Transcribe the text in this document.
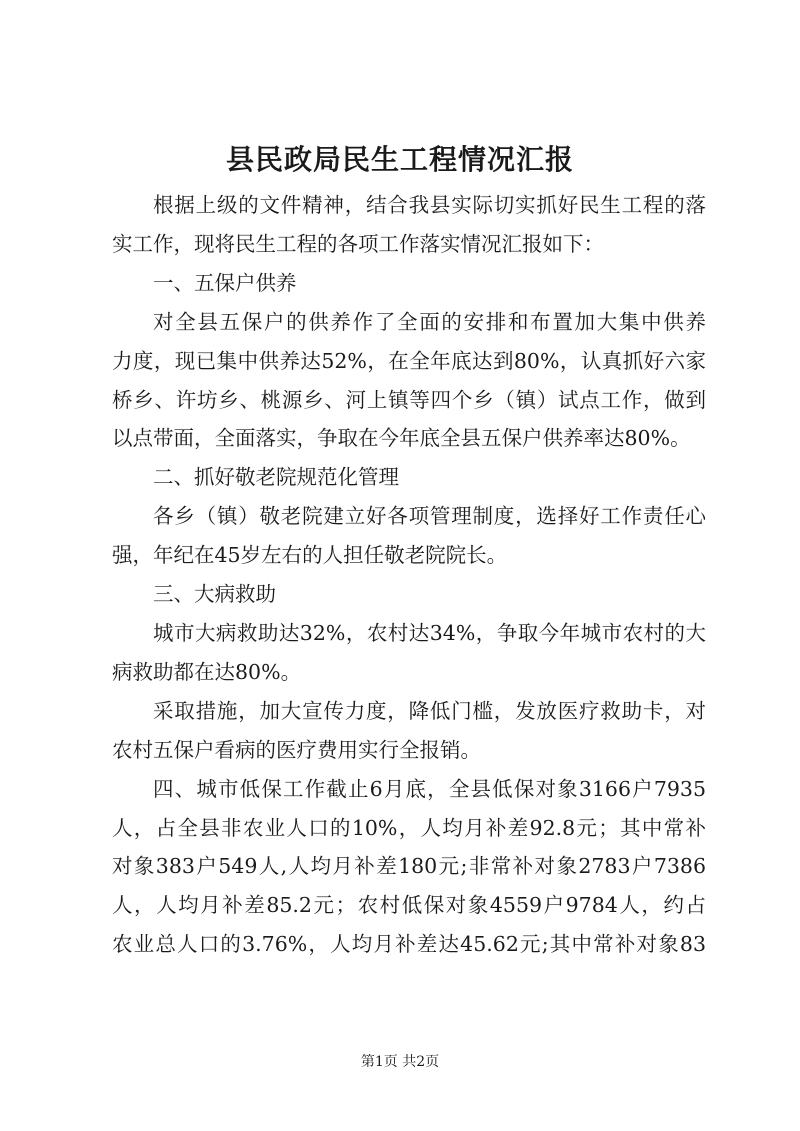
县民政局民生工程情况汇报
根据上级的文件精神，结合我县实际切实抓好民生工程的落
实工作，现将民生工程的各项工作落实情况汇报如下：
一、五保户供养
对全县五保户的供养作了全面的安排和布置加大集中供养
力度，现已集中供养达52%，在全年底达到80%，认真抓好六家
桥乡、许坊乡、桃源乡、河上镇等四个乡（镇）试点工作，做到
以点带面，全面落实，争取在今年底全县五保户供养率达80%。
二、抓好敬老院规范化管理
各乡（镇）敬老院建立好各项管理制度，选择好工作责任心
强，年纪在45岁左右的人担任敬老院院长。
三、大病救助
城市大病救助达32%，农村达34%，争取今年城市农村的大
病救助都在达80%。
采取措施，加大宣传力度，降低门槛，发放医疗救助卡，对
农村五保户看病的医疗费用实行全报销。
四、城市低保工作截止6月底，全县低保对象3166户7935
人，占全县非农业人口的10%，人均月补差92.8元；其中常补
对象383户549人,人均月补差180元;非常补对象2783户7386
人，人均月补差85.2元；农村低保对象4559户9784人，约占
农业总人口的3.76%，人均月补差达45.62元;其中常补对象83
第1页 共2页
